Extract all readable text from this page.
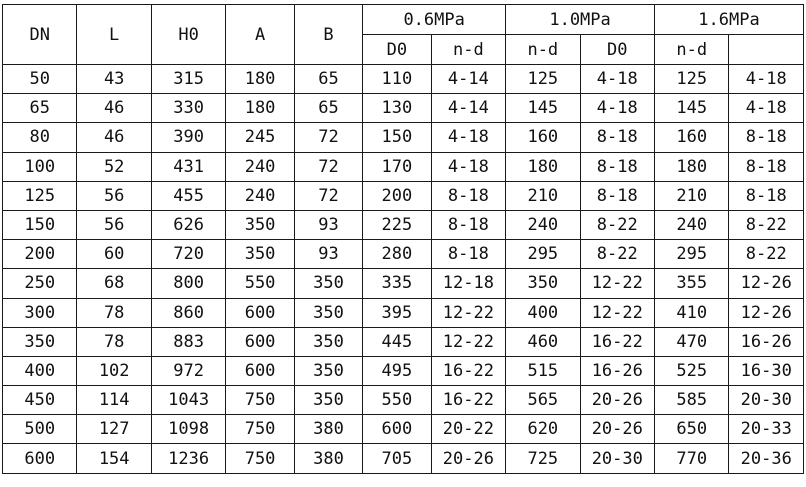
DN	L	H0	A	B	0.6MPa		1.0MPa		1.6MPa	
					D0	n-d	n-d	D0	n-d	
50	43	315	180	65	110	4-14	125	4-18	125	4-18
65	46	330	180	65	130	4-14	145	4-18	145	4-18
80	46	390	245	72	150	4-18	160	8-18	160	8-18
100	52	431	240	72	170	4-18	180	8-18	180	8-18
125	56	455	240	72	200	8-18	210	8-18	210	8-18
150	56	626	350	93	225	8-18	240	8-22	240	8-22
200	60	720	350	93	280	8-18	295	8-22	295	8-22
250	68	800	550	350	335	12-18	350	12-22	355	12-26
300	78	860	600	350	395	12-22	400	12-22	410	12-26
350	78	883	600	350	445	12-22	460	16-22	470	16-26
400	102	972	600	350	495	16-22	515	16-26	525	16-30
450	114	1043	750	350	550	16-22	565	20-26	585	20-30
500	127	1098	750	380	600	20-22	620	20-26	650	20-33
600	154	1236	750	380	705	20-26	725	20-30	770	20-36
